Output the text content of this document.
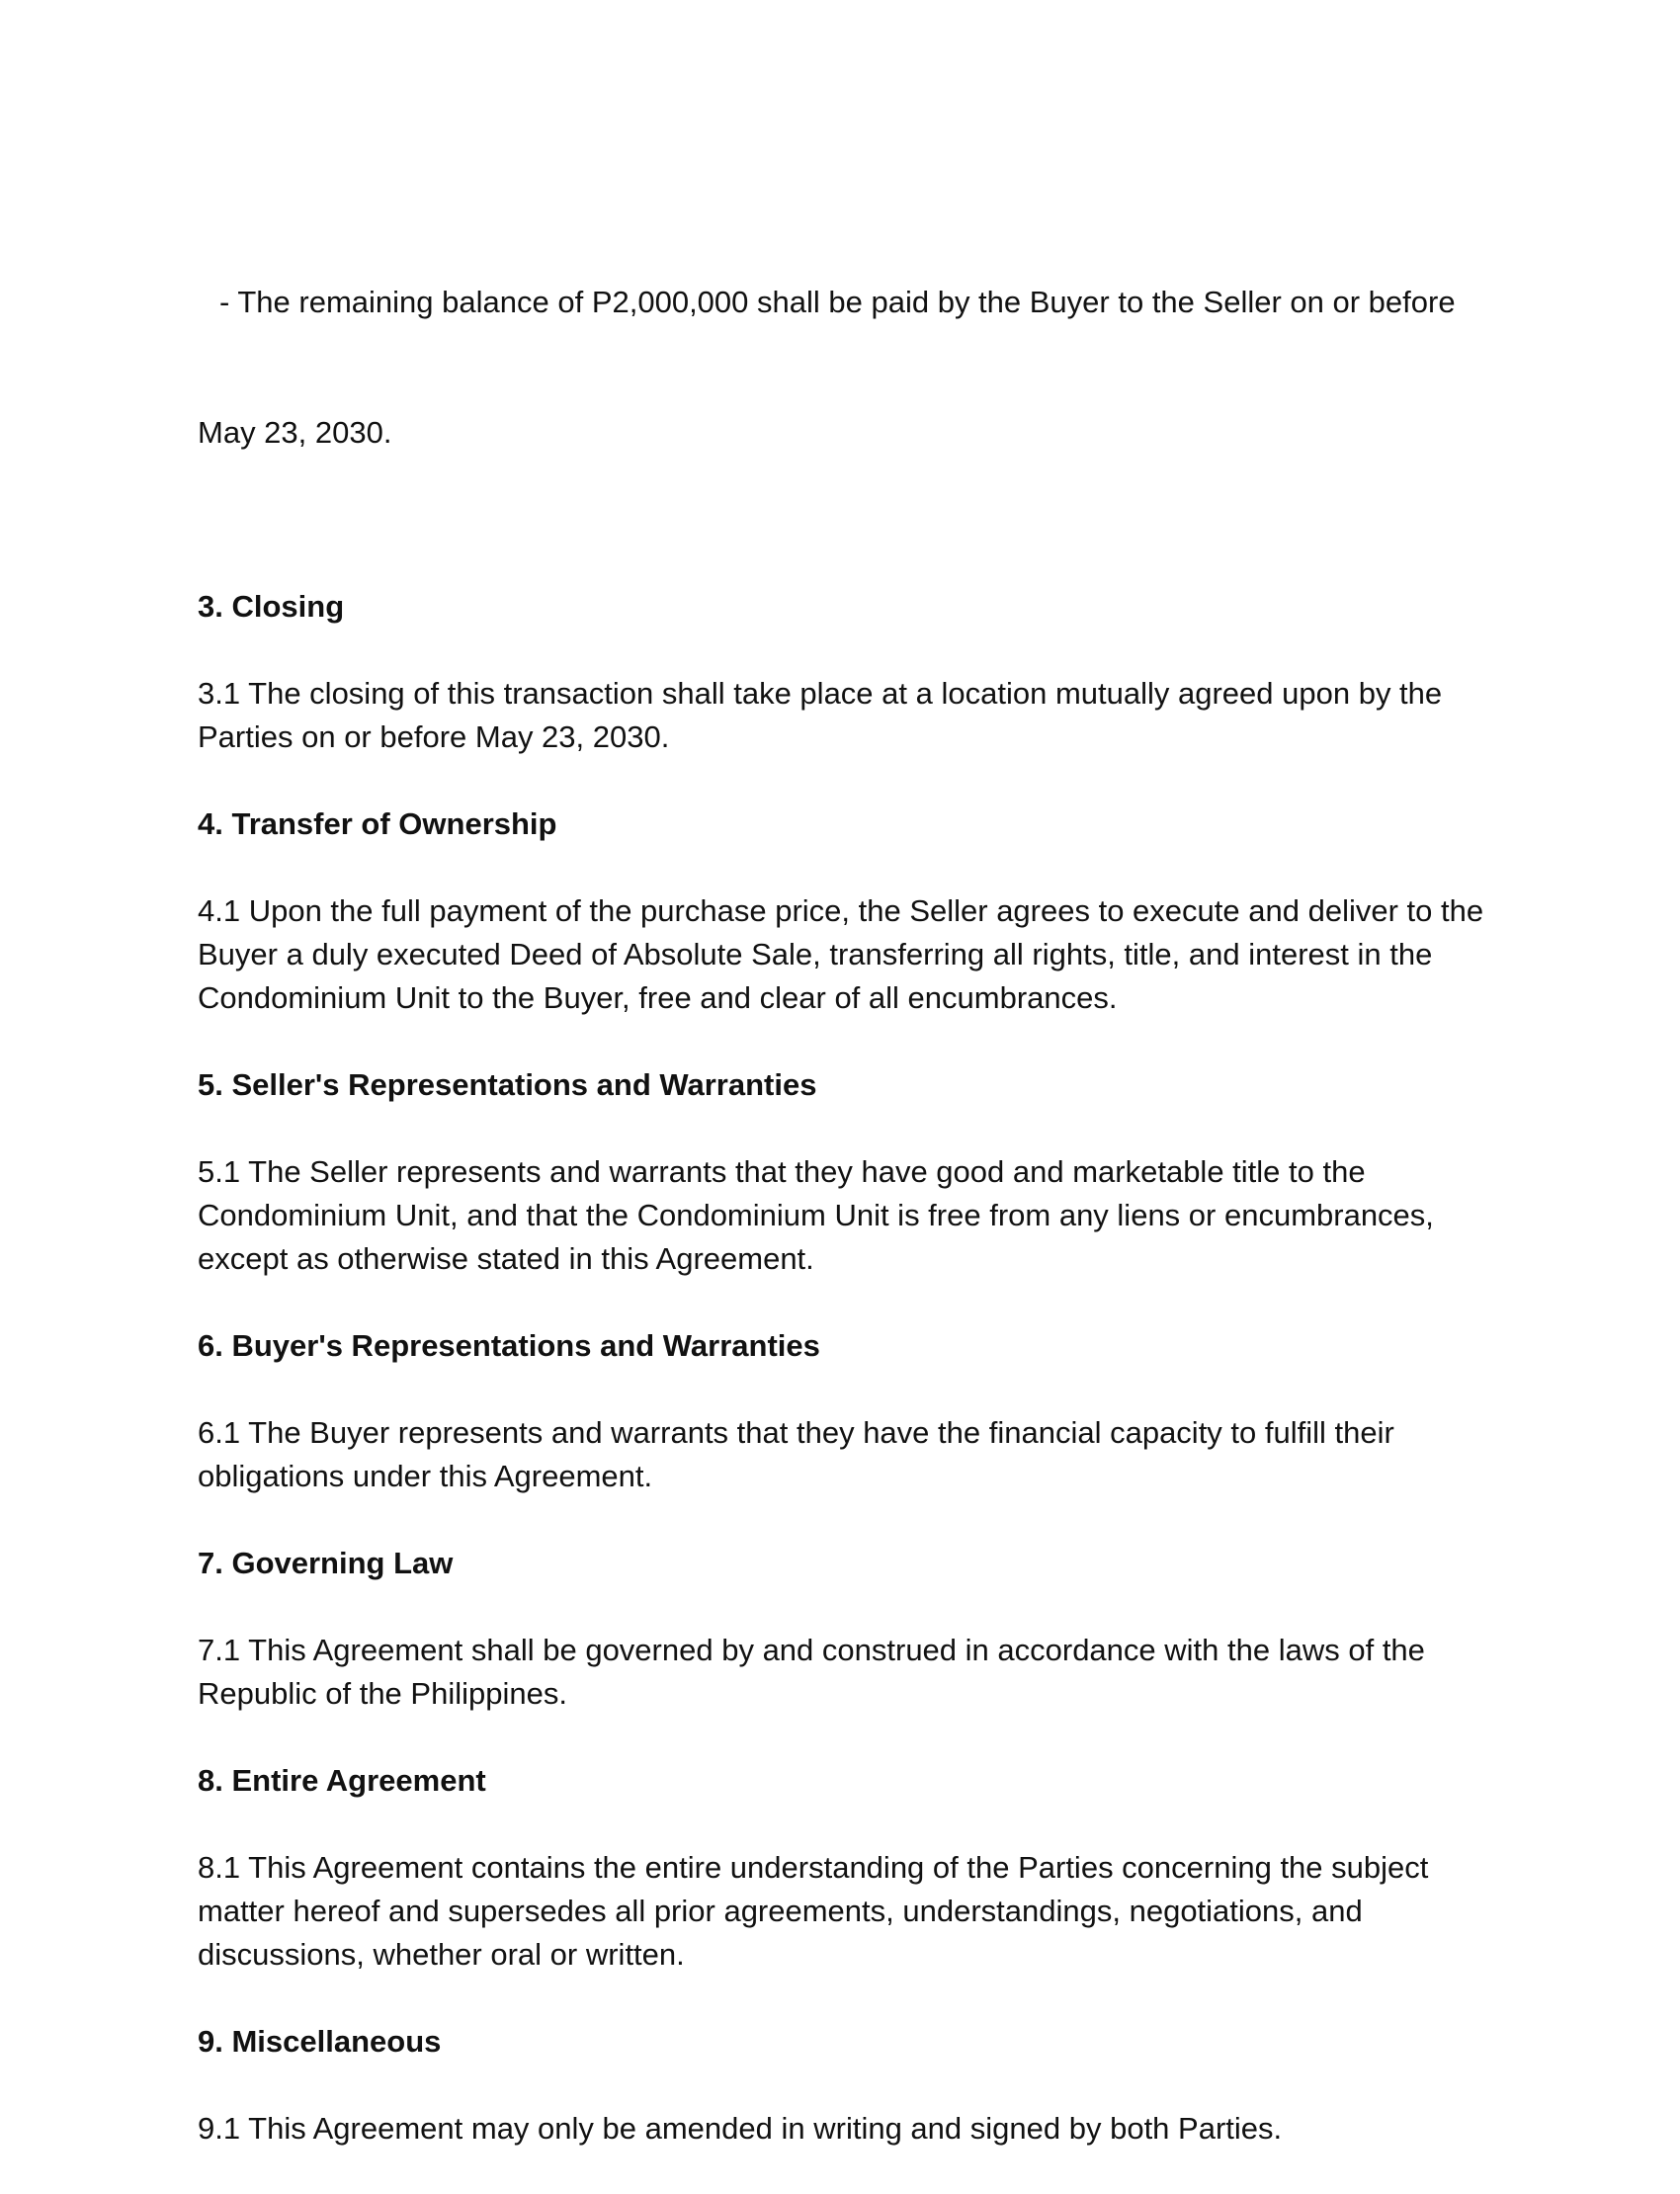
- The remaining balance of P2,000,000 shall be paid by the Buyer to the Seller on or before

May 23, 2030.

3. Closing
3.1 The closing of this transaction shall take place at a location mutually agreed upon by the Parties on or before May 23, 2030.
4. Transfer of Ownership
4.1 Upon the full payment of the purchase price, the Seller agrees to execute and deliver to the Buyer a duly executed Deed of Absolute Sale, transferring all rights, title, and interest in the Condominium Unit to the Buyer, free and clear of all encumbrances.
5. Seller's Representations and Warranties
5.1 The Seller represents and warrants that they have good and marketable title to the Condominium Unit, and that the Condominium Unit is free from any liens or encumbrances, except as otherwise stated in this Agreement.
6. Buyer's Representations and Warranties
6.1 The Buyer represents and warrants that they have the financial capacity to fulfill their obligations under this Agreement.
7. Governing Law
7.1 This Agreement shall be governed by and construed in accordance with the laws of the Republic of the Philippines.
8. Entire Agreement
8.1 This Agreement contains the entire understanding of the Parties concerning the subject matter hereof and supersedes all prior agreements, understandings, negotiations, and discussions, whether oral or written.
9. Miscellaneous
9.1 This Agreement may only be amended in writing and signed by both Parties.
